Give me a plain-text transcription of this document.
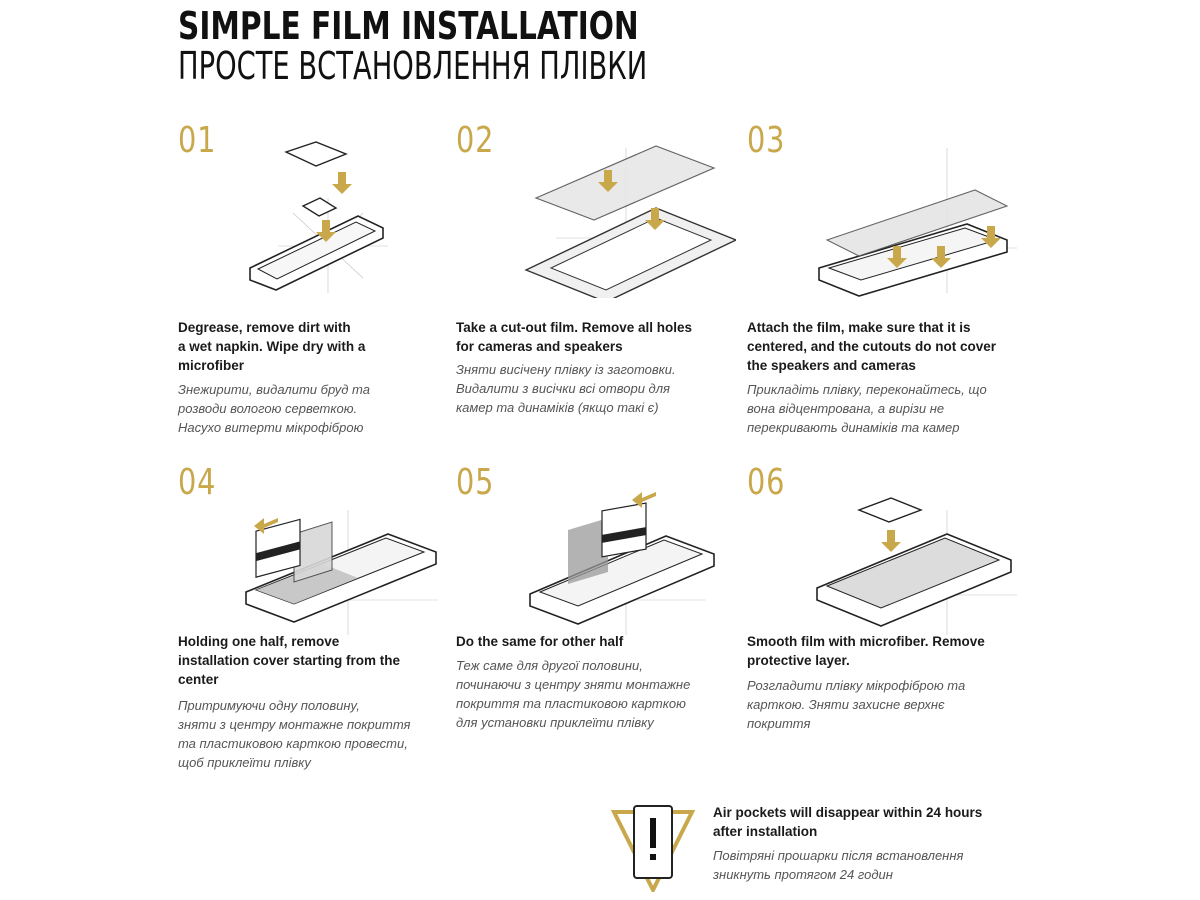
SIMPLE FILM INSTALLATION
ПРОСТЕ ВСТАНОВЛЕННЯ ПЛІВКИ
01
Degrease, remove dirt with
a wet napkin. Wipe dry with a
microfiber
Знежирити, видалити бруд та
розводи вологою серветкою.
Насухо витерти мікрофіброю
02
Take a cut-out film. Remove all holes
for cameras and speakers
Зняти висічену плівку із заготовки.
Видалити з висічки всі отвори для
камер та динаміків (якщо такі є)
03
Attach the film, make sure that it is
centered, and the cutouts do not cover
the speakers and cameras
Прикладіть плівку, переконайтесь, що
вона відцентрована, а вирізи не
перекривають динаміків та камер
04
Holding one half, remove
installation cover starting from the
center
Притримуючи одну половину,
зняти з центру монтажне покриття
та пластиковою карткою провести,
щоб приклеїти плівку
05
Do the same for other half
Теж саме для другої половини,
починаючи з центру зняти монтажне
покриття та пластиковою карткою
для установки приклеїти плівку
06
Smooth film with microfiber. Remove
protective layer.
Розгладити плівку мікрофіброю та
карткою. Зняти захисне верхнє
покриття
Air pockets will disappear within 24 hours
after installation
Повітряні прошарки після встановлення
зникнуть протягом 24 годин
